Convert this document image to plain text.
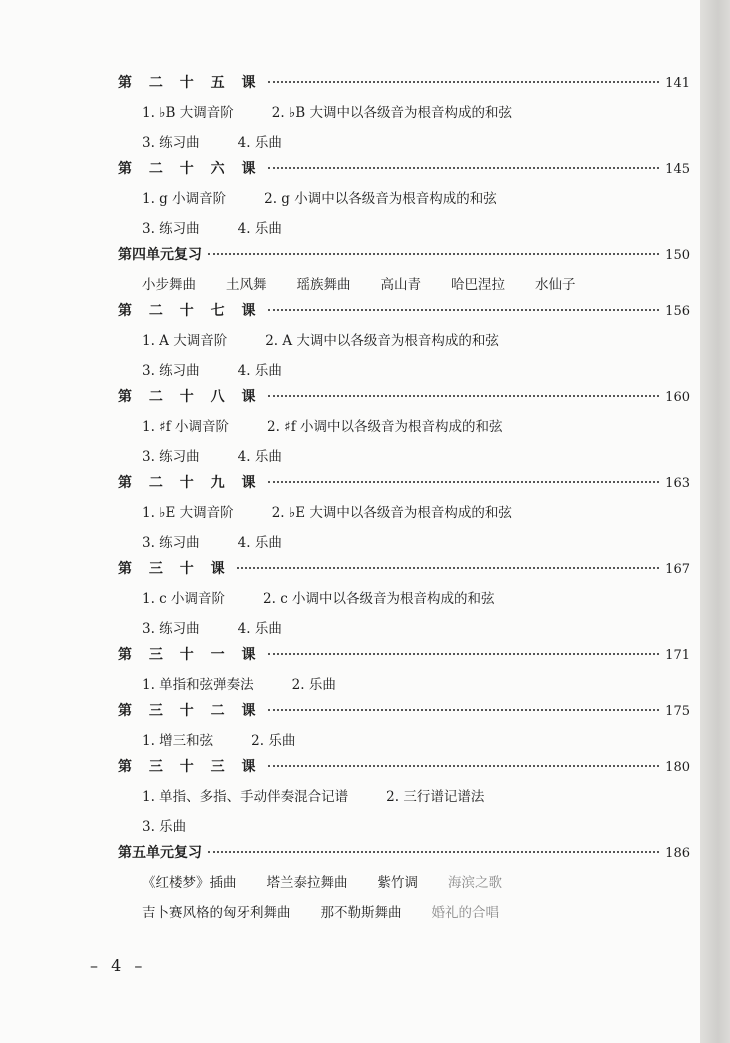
第 二 十 五 课	141
1. ♭B 大调音阶	2. ♭B 大调中以各级音为根音构成的和弦
3. 练习曲	4. 乐曲
第 二 十 六 课	145
1. g 小调音阶	2. g 小调中以各级音为根音构成的和弦
3. 练习曲	4. 乐曲
第四单元复习	150
小步舞曲 土风舞 瑶族舞曲 高山青 哈巴涅拉 水仙子
第 二 十 七 课	156
1. A 大调音阶	2. A 大调中以各级音为根音构成的和弦
3. 练习曲	4. 乐曲
第 二 十 八 课	160
1. ♯f 小调音阶	2. ♯f 小调中以各级音为根音构成的和弦
3. 练习曲	4. 乐曲
第 二 十 九 课	163
1. ♭E 大调音阶	2. ♭E 大调中以各级音为根音构成的和弦
3. 练习曲	4. 乐曲
第 三 十 课	167
1. c 小调音阶	2. c 小调中以各级音为根音构成的和弦
3. 练习曲	4. 乐曲
第 三 十 一 课	171
1. 单指和弦弹奏法	2. 乐曲
第 三 十 二 课	175
1. 增三和弦	2. 乐曲
第 三 十 三 课	180
1. 单指、多指、手动伴奏混合记谱	2. 三行谱记谱法
3. 乐曲
第五单元复习	186
《红楼梦》插曲 塔兰泰拉舞曲 紫竹调 海滨之歌
吉卜赛风格的匈牙利舞曲 那不勒斯舞曲 婚礼的合唱
– 4 –
